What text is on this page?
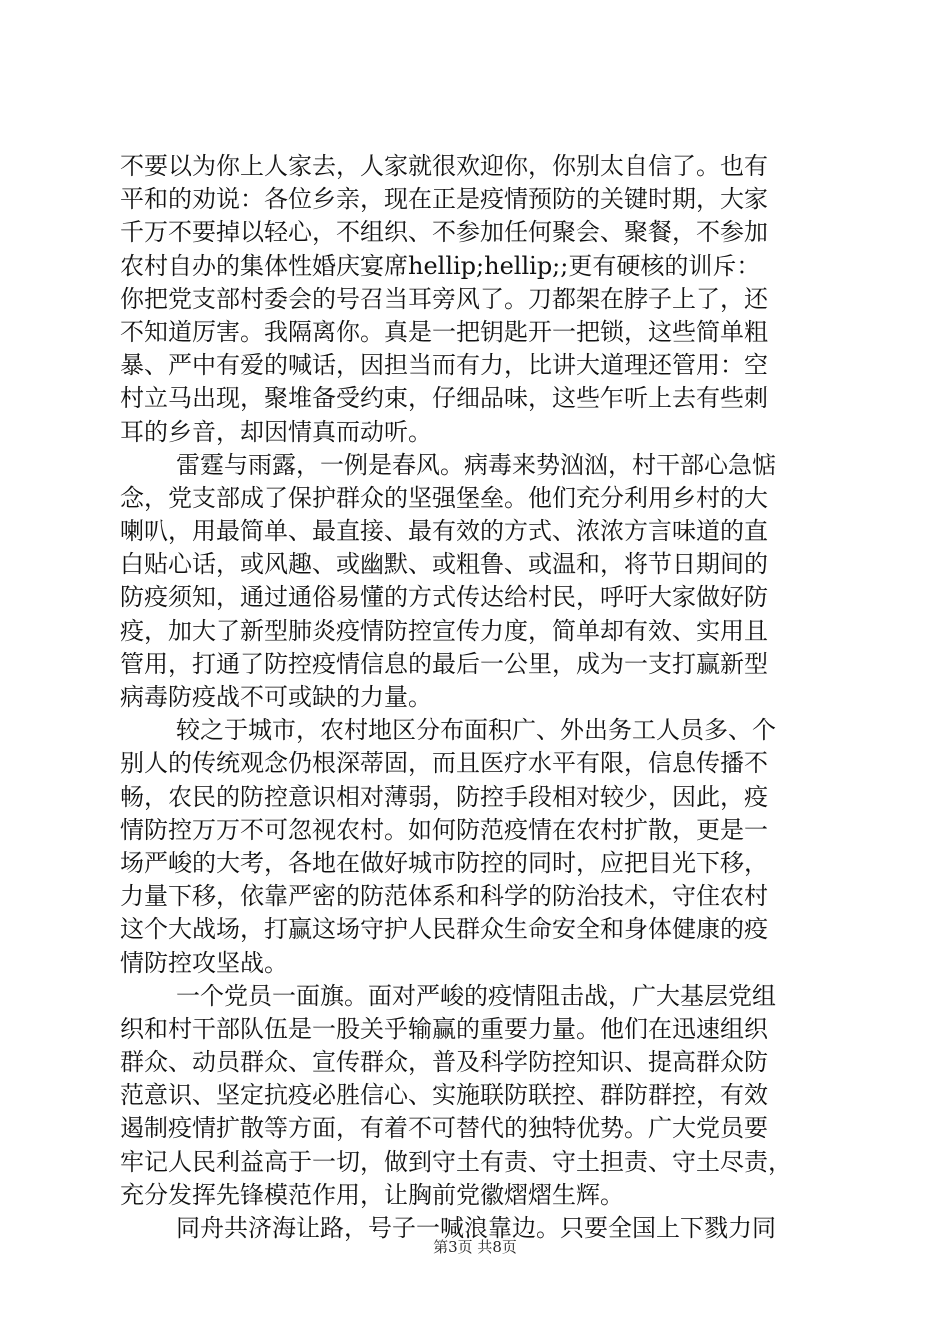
不要以为你上人家去，人家就很欢迎你，你别太自信了。也有
平和的劝说：各位乡亲，现在正是疫情预防的关键时期，大家
千万不要掉以轻心，不组织、不参加任何聚会、聚餐，不参加
农村自办的集体性婚庆宴席hellip;hellip;;更有硬核的训斥：
你把党支部村委会的号召当耳旁风了。刀都架在脖子上了，还
不知道厉害。我隔离你。真是一把钥匙开一把锁，这些简单粗
暴、严中有爱的喊话，因担当而有力，比讲大道理还管用：空
村立马出现，聚堆备受约束，仔细品味，这些乍听上去有些刺
耳的乡音，却因情真而动听。
雷霆与雨露，一例是春风。病毒来势汹汹，村干部心急惦
念，党支部成了保护群众的坚强堡垒。他们充分利用乡村的大
喇叭，用最简单、最直接、最有效的方式、浓浓方言味道的直
白贴心话，或风趣、或幽默、或粗鲁、或温和，将节日期间的
防疫须知，通过通俗易懂的方式传达给村民，呼吁大家做好防
疫，加大了新型肺炎疫情防控宣传力度，简单却有效、实用且
管用，打通了防控疫情信息的最后一公里，成为一支打赢新型
病毒防疫战不可或缺的力量。
较之于城市，农村地区分布面积广、外出务工人员多、个
别人的传统观念仍根深蒂固，而且医疗水平有限，信息传播不
畅，农民的防控意识相对薄弱，防控手段相对较少，因此，疫
情防控万万不可忽视农村。如何防范疫情在农村扩散，更是一
场严峻的大考，各地在做好城市防控的同时，应把目光下移，
力量下移，依靠严密的防范体系和科学的防治技术，守住农村
这个大战场，打赢这场守护人民群众生命安全和身体健康的疫
情防控攻坚战。
一个党员一面旗。面对严峻的疫情阻击战，广大基层党组
织和村干部队伍是一股关乎输赢的重要力量。他们在迅速组织
群众、动员群众、宣传群众，普及科学防控知识、提高群众防
范意识、坚定抗疫必胜信心、实施联防联控、群防群控，有效
遏制疫情扩散等方面，有着不可替代的独特优势。广大党员要
牢记人民利益高于一切，做到守土有责、守土担责、守土尽责，
充分发挥先锋模范作用，让胸前党徽熠熠生辉。
同舟共济海让路，号子一喊浪靠边。只要全国上下戮力同
第3页 共8页
